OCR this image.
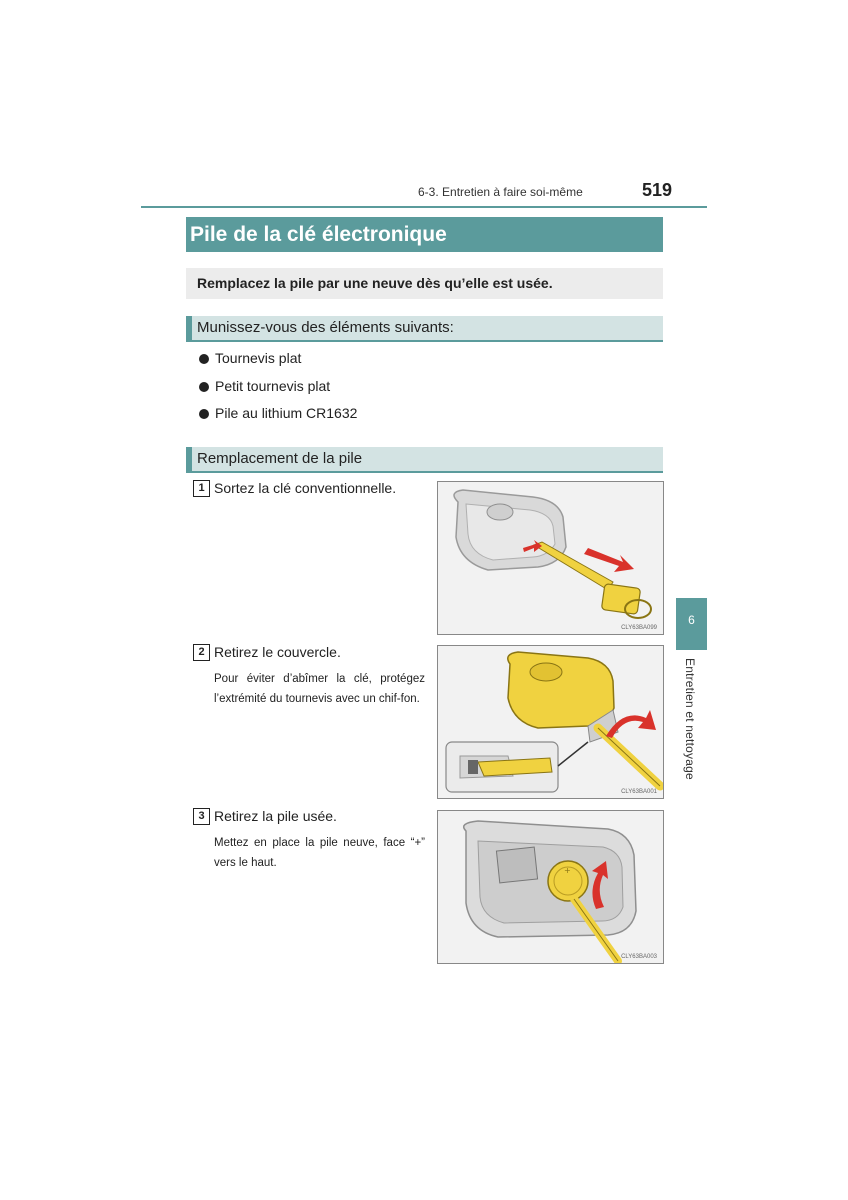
6-3. Entretien à faire soi-même	519
Pile de la clé électronique
Remplacez la pile par une neuve dès qu’elle est usée.
Munissez-vous des éléments suivants:
Tournevis plat
Petit tournevis plat
Pile au lithium CR1632
Remplacement de la pile
1 Sortez la clé conventionnelle.
CLY63BA099
2 Retirez le couvercle.
Pour éviter d’abîmer la clé, protégez l’extrémité du tournevis avec un chif-fon.
CLY63BA001
3 Retirez la pile usée.
Mettez en place la pile neuve, face “+” vers le haut.
+
CLY63BA003
6
Entretien et nettoyage
